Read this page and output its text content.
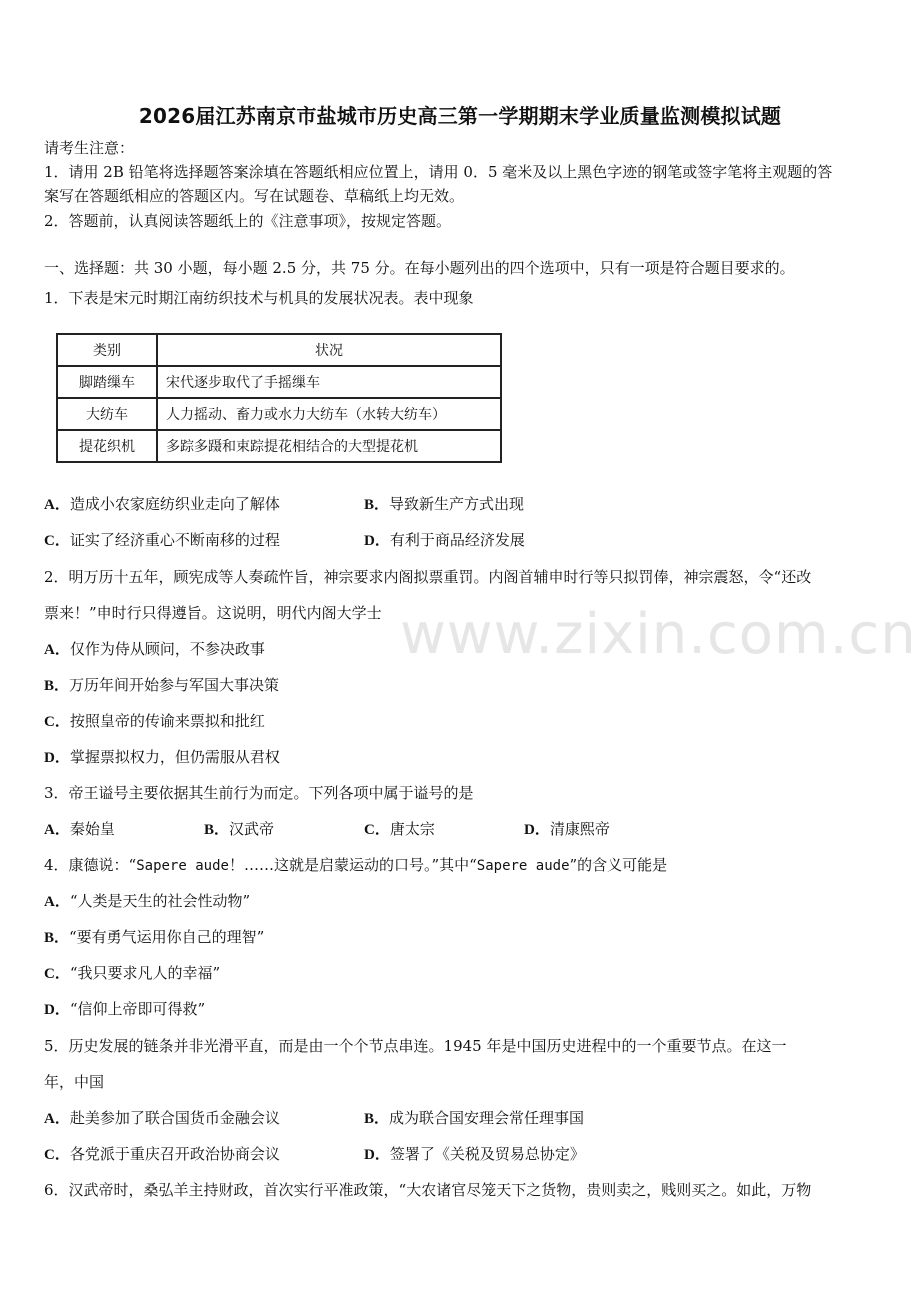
www.zixin.com.cn
2026届江苏南京市盐城市历史高三第一学期期末学业质量监测模拟试题
请考生注意：
1．请用 2B 铅笔将选择题答案涂填在答题纸相应位置上，请用 0．5 毫米及以上黑色字迹的钢笔或签字笔将主观题的答
案写在答题纸相应的答题区内。写在试题卷、草稿纸上均无效。
2．答题前，认真阅读答题纸上的《注意事项》，按规定答题。
一、选择题：共 30 小题，每小题 2.5 分，共 75 分。在每小题列出的四个选项中，只有一项是符合题目要求的。
1．下表是宋元时期江南纺织技术与机具的发展状况表。表中现象
类别	状况
脚踏缫车	宋代逐步取代了手摇缫车
大纺车	人力摇动、畜力或水力大纺车（水转大纺车）
提花织机	多踪多蹑和束踪提花相结合的大型提花机
A．造成小农家庭纺织业走向了解体	B．导致新生产方式出现
C．证实了经济重心不断南移的过程	D．有利于商品经济发展
2．明万历十五年，顾宪成等人奏疏忤旨，神宗要求内阁拟票重罚。内阁首辅申时行等只拟罚俸，神宗震怒，令“还改
票来！”申时行只得遵旨。这说明，明代内阁大学士
A．仅作为侍从顾问，不参决政事
B．万历年间开始参与军国大事决策
C．按照皇帝的传谕来票拟和批红
D．掌握票拟权力，但仍需服从君权
3．帝王谥号主要依据其生前行为而定。下列各项中属于谥号的是
A．秦始皇	B．汉武帝	C．唐太宗	D．清康熙帝
4．康德说：“Sapere aude！……这就是启蒙运动的口号。”其中“Sapere aude”的含义可能是
A．“人类是天生的社会性动物”
B．“要有勇气运用你自己的理智”
C．“我只要求凡人的幸福”
D．“信仰上帝即可得救”
5．历史发展的链条并非光滑平直，而是由一个个节点串连。1945 年是中国历史进程中的一个重要节点。在这一
年，中国
A．赴美参加了联合国货币金融会议	B．成为联合国安理会常任理事国
C．各党派于重庆召开政治协商会议	D．签署了《关税及贸易总协定》
6．汉武帝时，桑弘羊主持财政，首次实行平准政策，“大农诸官尽笼天下之货物，贵则卖之，贱则买之。如此，万物
